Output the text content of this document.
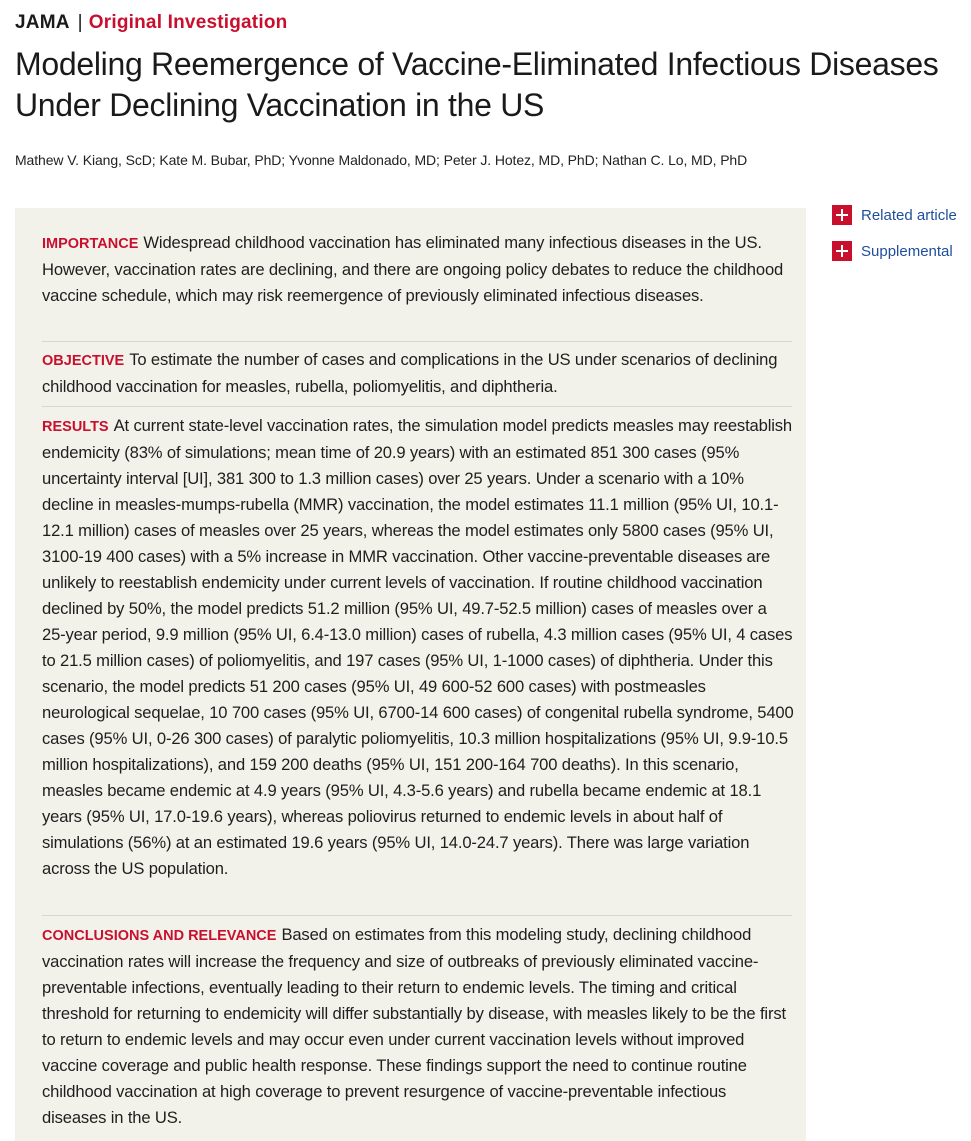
JAMA | Original Investigation
Modeling Reemergence of Vaccine-Eliminated Infectious Diseases Under Declining Vaccination in the US
Mathew V. Kiang, ScD; Kate M. Bubar, PhD; Yvonne Maldonado, MD; Peter J. Hotez, MD, PhD; Nathan C. Lo, MD, PhD
Related article
Supplemental
IMPORTANCE Widespread childhood vaccination has eliminated many infectious diseases in the US. However, vaccination rates are declining, and there are ongoing policy debates to reduce the childhood vaccine schedule, which may risk reemergence of previously eliminated infectious diseases.
OBJECTIVE To estimate the number of cases and complications in the US under scenarios of declining childhood vaccination for measles, rubella, poliomyelitis, and diphtheria.
RESULTS At current state-level vaccination rates, the simulation model predicts measles may reestablish endemicity (83% of simulations; mean time of 20.9 years) with an estimated 851 300 cases (95% uncertainty interval [UI], 381 300 to 1.3 million cases) over 25 years. Under a scenario with a 10% decline in measles-mumps-rubella (MMR) vaccination, the model estimates 11.1 million (95% UI, 10.1-12.1 million) cases of measles over 25 years, whereas the model estimates only 5800 cases (95% UI, 3100-19 400 cases) with a 5% increase in MMR vaccination. Other vaccine-preventable diseases are unlikely to reestablish endemicity under current levels of vaccination. If routine childhood vaccination declined by 50%, the model predicts 51.2 million (95% UI, 49.7-52.5 million) cases of measles over a 25-year period, 9.9 million (95% UI, 6.4-13.0 million) cases of rubella, 4.3 million cases (95% UI, 4 cases to 21.5 million cases) of poliomyelitis, and 197 cases (95% UI, 1-1000 cases) of diphtheria. Under this scenario, the model predicts 51 200 cases (95% UI, 49 600-52 600 cases) with postmeasles neurological sequelae, 10 700 cases (95% UI, 6700-14 600 cases) of congenital rubella syndrome, 5400 cases (95% UI, 0-26 300 cases) of paralytic poliomyelitis, 10.3 million hospitalizations (95% UI, 9.9-10.5 million hospitalizations), and 159 200 deaths (95% UI, 151 200-164 700 deaths). In this scenario, measles became endemic at 4.9 years (95% UI, 4.3-5.6 years) and rubella became endemic at 18.1 years (95% UI, 17.0-19.6 years), whereas poliovirus returned to endemic levels in about half of simulations (56%) at an estimated 19.6 years (95% UI, 14.0-24.7 years). There was large variation across the US population.
CONCLUSIONS AND RELEVANCE Based on estimates from this modeling study, declining childhood vaccination rates will increase the frequency and size of outbreaks of previously eliminated vaccine-preventable infections, eventually leading to their return to endemic levels. The timing and critical threshold for returning to endemicity will differ substantially by disease, with measles likely to be the first to return to endemic levels and may occur even under current vaccination levels without improved vaccine coverage and public health response. These findings support the need to continue routine childhood vaccination at high coverage to prevent resurgence of vaccine-preventable infectious diseases in the US.
